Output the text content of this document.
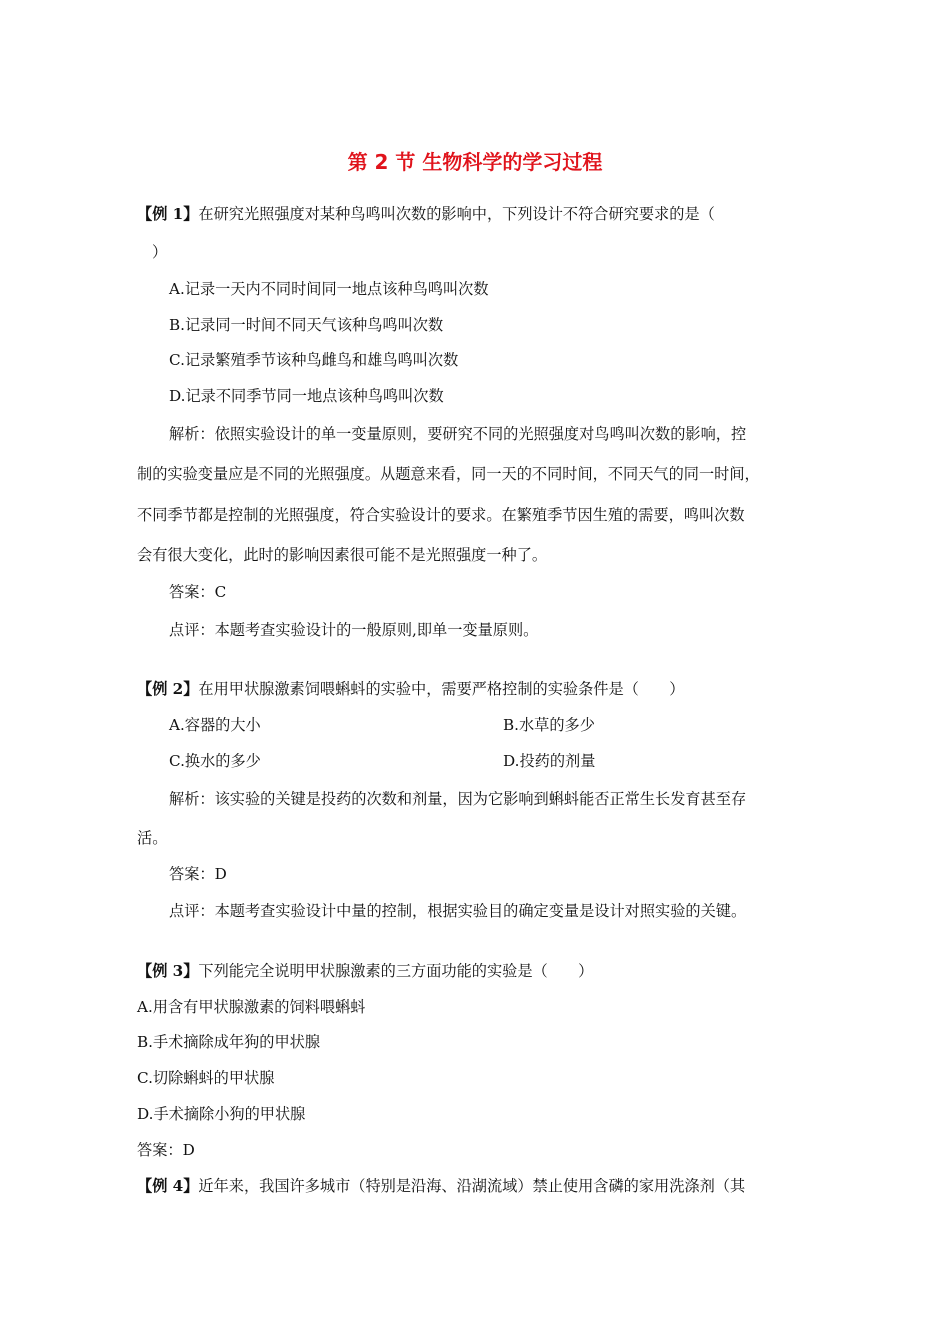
第 2 节 生物科学的学习过程
【例 1】在研究光照强度对某种鸟鸣叫次数的影响中，下列设计不符合研究要求的是（
）
A.记录一天内不同时间同一地点该种鸟鸣叫次数
B.记录同一时间不同天气该种鸟鸣叫次数
C.记录繁殖季节该种鸟雌鸟和雄鸟鸣叫次数
D.记录不同季节同一地点该种鸟鸣叫次数
解析：依照实验设计的单一变量原则，要研究不同的光照强度对鸟鸣叫次数的影响，控
制的实验变量应是不同的光照强度。从题意来看，同一天的不同时间，不同天气的同一时间，
不同季节都是控制的光照强度，符合实验设计的要求。在繁殖季节因生殖的需要，鸣叫次数
会有很大变化，此时的影响因素很可能不是光照强度一种了。
答案：C
点评：本题考查实验设计的一般原则,即单一变量原则。
【例 2】在用甲状腺激素饲喂蝌蚪的实验中，需要严格控制的实验条件是（　　）
A.容器的大小	B.水草的多少
C.换水的多少	D.投药的剂量
解析：该实验的关键是投药的次数和剂量，因为它影响到蝌蚪能否正常生长发育甚至存
活。
答案：D
点评：本题考查实验设计中量的控制，根据实验目的确定变量是设计对照实验的关键。
【例 3】下列能完全说明甲状腺激素的三方面功能的实验是（　　）
A.用含有甲状腺激素的饲料喂蝌蚪
B.手术摘除成年狗的甲状腺
C.切除蝌蚪的甲状腺
D.手术摘除小狗的甲状腺
答案：D
【例 4】近年来，我国许多城市（特别是沿海、沿湖流域）禁止使用含磷的家用洗涤剂（其
